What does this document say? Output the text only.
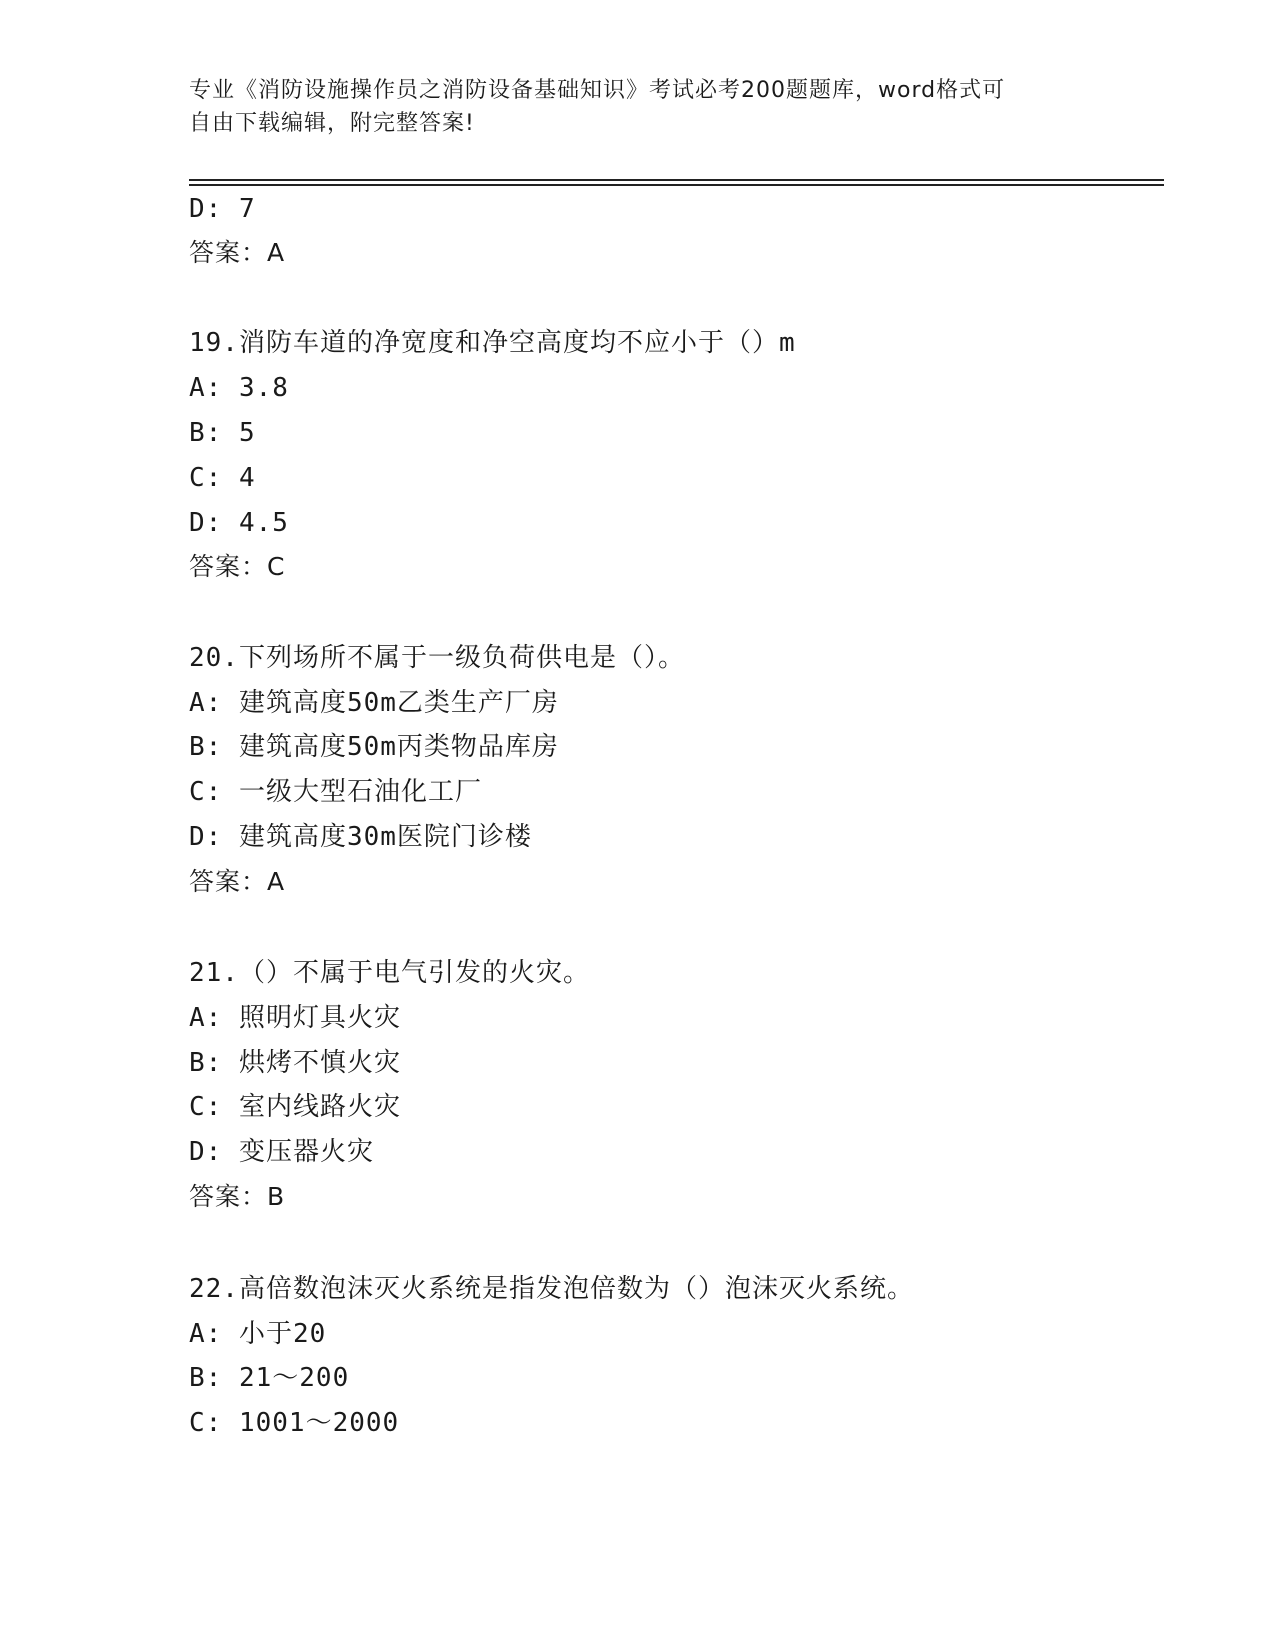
专业《消防设施操作员之消防设备基础知识》考试必考200题题库，word格式可
自由下载编辑，附完整答案!
D: 7
答案：A
19.消防车道的净宽度和净空高度均不应小于（）m
A: 3.8
B: 5
C: 4
D: 4.5
答案：C
20.下列场所不属于一级负荷供电是（）。
A: 建筑高度50m乙类生产厂房
B: 建筑高度50m丙类物品库房
C: 一级大型石油化工厂
D: 建筑高度30m医院门诊楼
答案：A
21.（）不属于电气引发的火灾。
A: 照明灯具火灾
B: 烘烤不慎火灾
C: 室内线路火灾
D: 变压器火灾
答案：B
22.高倍数泡沫灭火系统是指发泡倍数为（）泡沫灭火系统。
A: 小于20
B: 21～200
C: 1001～2000
